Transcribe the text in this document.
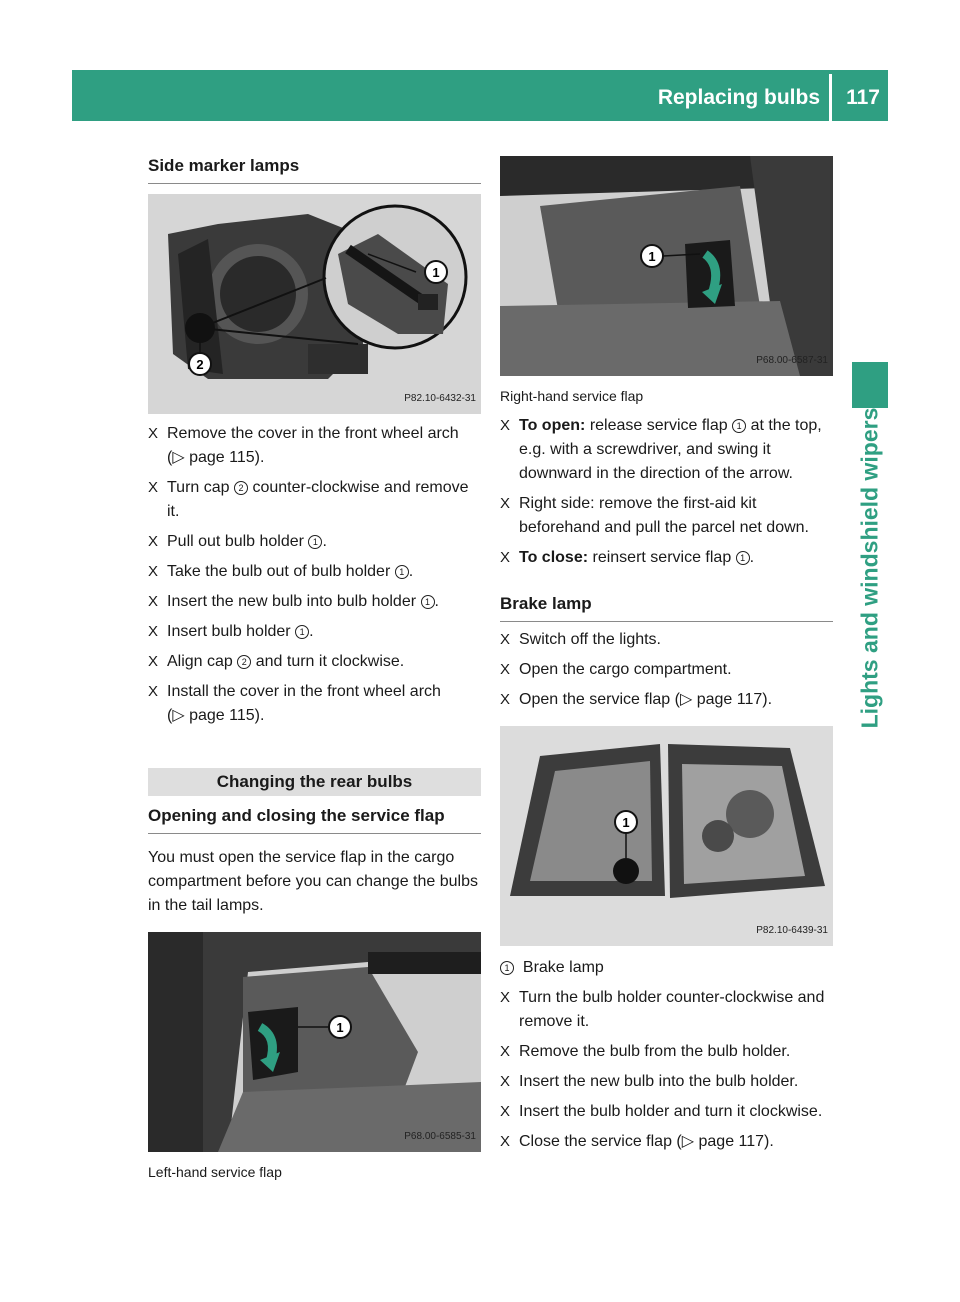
Replacing bulbs 117
Lights and windshield wipers
Side marker lamps
1
2
P82.10-6432-31
X Remove the cover in the front wheel arch
(▷ page 115).
X Turn cap 2 counter-clockwise and remove it.
X Pull out bulb holder 1 .
X Take the bulb out of bulb holder 1 .
X Insert the new bulb into bulb holder 1 .
X Insert bulb holder 1 .
X Align cap 2 and turn it clockwise.
X Install the cover in the front wheel arch
(▷ page 115).
Changing the rear bulbs
Opening and closing the service flap

You must open the service flap in the cargo compartment before you can change the bulbs in the tail lamps.

1
P68.00-6585-31
Left-hand service flap
1
P68.00-6587-31
Right-hand service flap
X To open: release service flap 1 at the top, e.g. with a screwdriver, and swing it downward in the direction of the arrow.
X Right side: remove the first-aid kit beforehand and pull the parcel net down.
X To close: reinsert service flap 1 .
Brake lamp
X Switch off the lights.
X Open the cargo compartment.
X Open the service flap (▷ page 117).
1
P82.10-6439-31
1 Brake lamp
X Turn the bulb holder counter-clockwise and remove it.
X Remove the bulb from the bulb holder.
X Insert the new bulb into the bulb holder.
X Insert the bulb holder and turn it clockwise.
X Close the service flap (▷ page 117).
